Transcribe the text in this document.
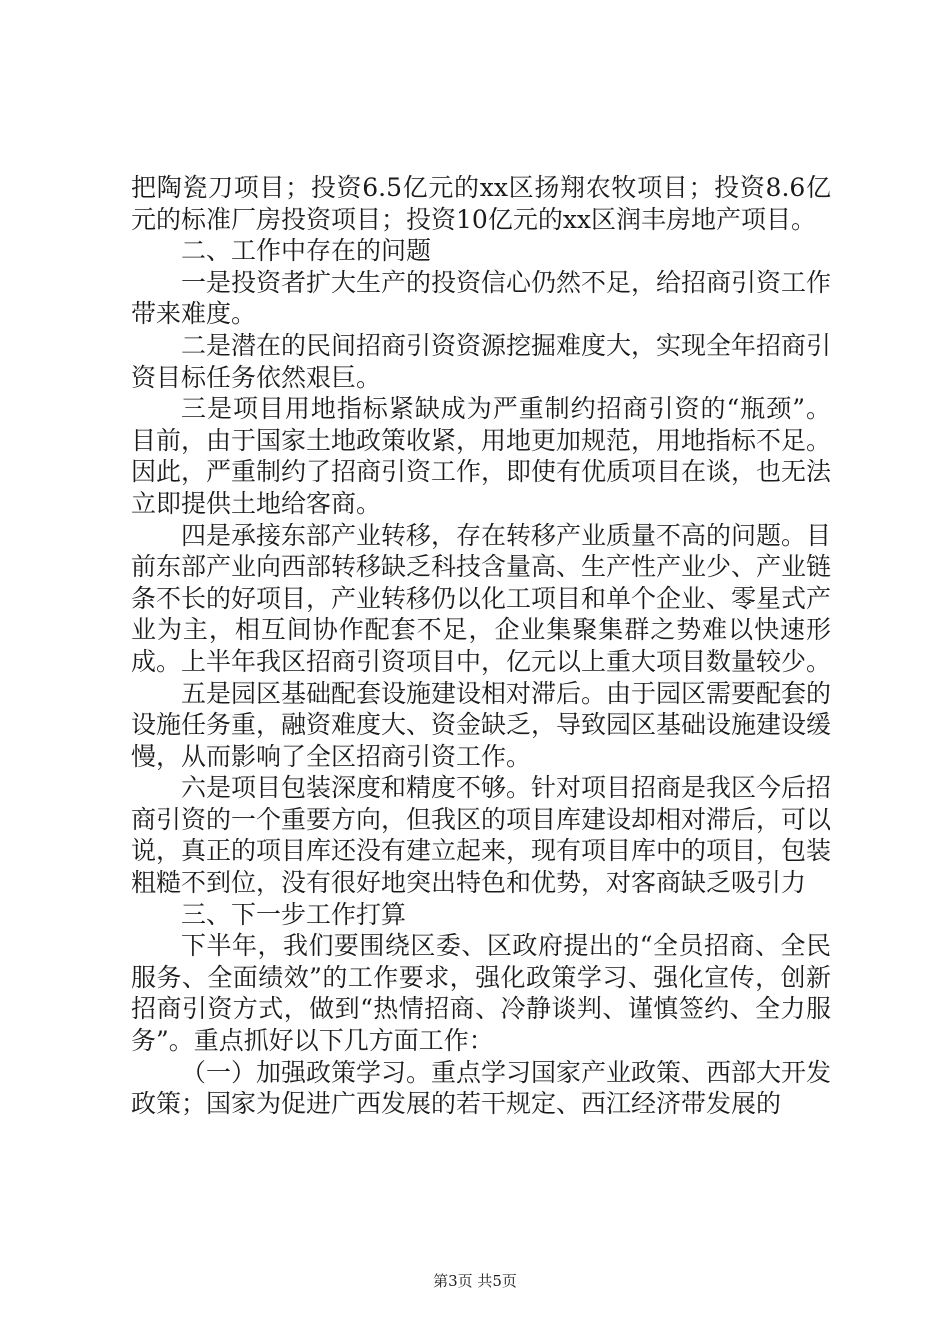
把陶瓷刀项目；投资6.5亿元的xx区扬翔农牧项目；投资8.6亿元的标准厂房投资项目；投资10亿元的xx区润丰房地产项目。

二、工作中存在的问题

一是投资者扩大生产的投资信心仍然不足，给招商引资工作带来难度。

二是潜在的民间招商引资资源挖掘难度大，实现全年招商引资目标任务依然艰巨。

三是项目用地指标紧缺成为严重制约招商引资的“瓶颈”。目前，由于国家土地政策收紧，用地更加规范，用地指标不足。因此，严重制约了招商引资工作，即使有优质项目在谈，也无法立即提供土地给客商。

四是承接东部产业转移，存在转移产业质量不高的问题。目前东部产业向西部转移缺乏科技含量高、生产性产业少、产业链条不长的好项目，产业转移仍以化工项目和单个企业、零星式产业为主，相互间协作配套不足，企业集聚集群之势难以快速形成。上半年我区招商引资项目中，亿元以上重大项目数量较少。

五是园区基础配套设施建设相对滞后。由于园区需要配套的设施任务重，融资难度大、资金缺乏，导致园区基础设施建设缓慢，从而影响了全区招商引资工作。

六是项目包装深度和精度不够。针对项目招商是我区今后招商引资的一个重要方向，但我区的项目库建设却相对滞后，可以说，真正的项目库还没有建立起来，现有项目库中的项目，包装粗糙不到位，没有很好地突出特色和优势，对客商缺乏吸引力

三、下一步工作打算

下半年，我们要围绕区委、区政府提出的“全员招商、全民服务、全面绩效”的工作要求，强化政策学习、强化宣传，创新招商引资方式，做到“热情招商、冷静谈判、谨慎签约、全力服务”。重点抓好以下几方面工作：

（一）加强政策学习。重点学习国家产业政策、西部大开发政策；国家为促进广西发展的若干规定、西江经济带发展的

第3页 共5页
